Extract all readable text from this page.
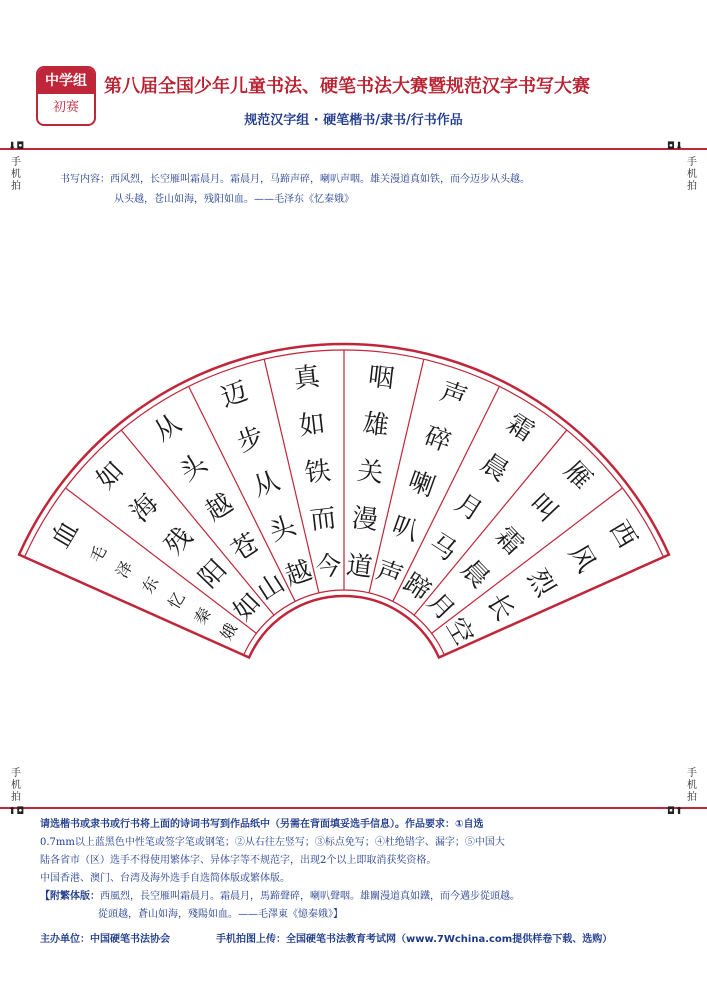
中学组
初赛
第八届全国少年儿童书法、硬笔书法大赛暨规范汉字书写大赛
规范汉字组 · 硬笔楷书/隶书/行书作品
⬇◘
手
机
拍
◘⬇
手
机
拍
手
机
拍
⬆◘
手
机
拍
◘⬆
书写内容：西风烈，长空雁叫霜晨月。霜晨月，马蹄声碎，喇叭声咽。雄关漫道真如铁，而今迈步从头越。
从头越，苍山如海，残阳如血。——毛泽东《忆秦娥》
西
风
烈
长
空
雁
叫
霜
晨
月
霜
晨
月
马
蹄
声
碎
喇
叭
声
咽
雄
关
漫
道
真
如
铁
而
今
迈
步
从
头
越
从
头
越
苍
山
如
海
残
阳
如
血
毛
泽
东
忆
秦
娥
请选楷书或隶书或行书将上面的诗词书写到作品纸中（另需在背面填妥选手信息）。作品要求：①自选
0.7mm以上蓝黑色中性笔或签字笔或钢笔；②从右往左竖写；③标点免写；④杜绝错字、漏字；⑤中国大
陆各省市（区）选手不得使用繁体字、异体字等不规范字，出现2个以上即取消获奖资格。
中国香港、澳门、台湾及海外选手自选简体版或繁体版。
【附繁体版：西風烈，長空雁叫霜晨月。霜晨月，馬蹄聲碎，喇叭聲咽。雄關漫道真如鐵，而今邁步從頭越。
從頭越，蒼山如海，殘陽如血。——毛澤東《憶秦娥》】
主办单位：中国硬笔书法协会	手机拍图上传：全国硬笔书法教育考试网（www.7Wchina.com提供样卷下载、选购）
